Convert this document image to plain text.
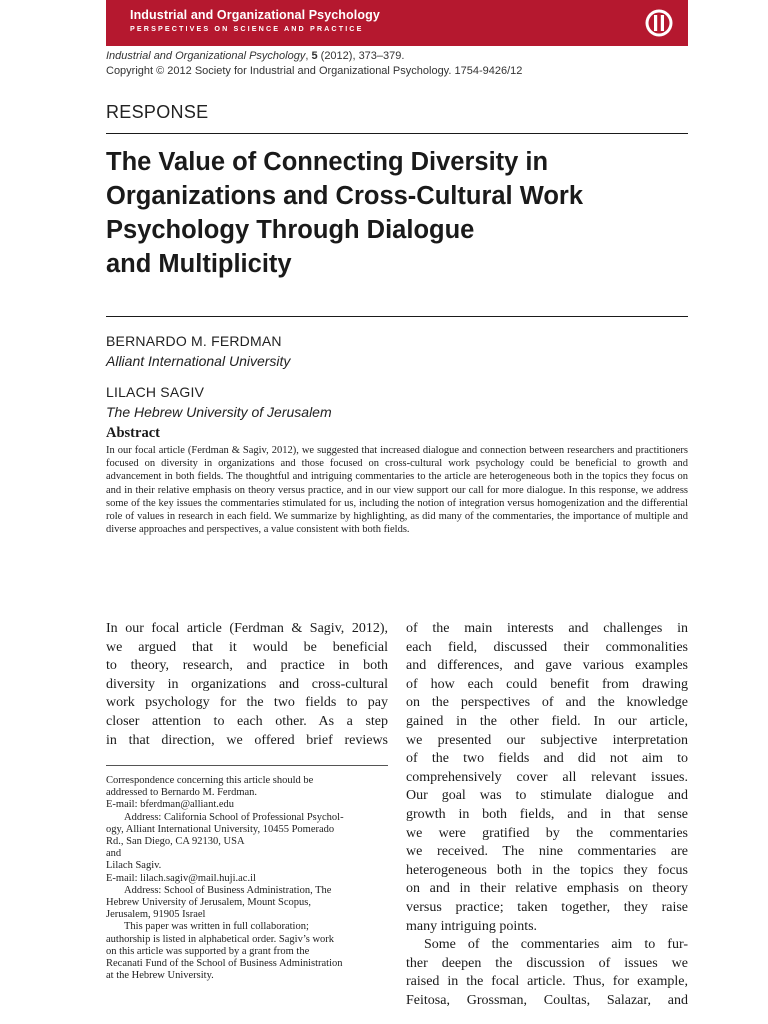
Industrial and Organizational Psychology
PERSPECTIVES ON SCIENCE AND PRACTICE
Industrial and Organizational Psychology, 5 (2012), 373–379.
Copyright © 2012 Society for Industrial and Organizational Psychology. 1754-9426/12
RESPONSE
The Value of Connecting Diversity in
Organizations and Cross-Cultural Work
Psychology Through Dialogue
and Multiplicity
BERNARDO M. FERDMAN
Alliant International University
LILACH SAGIV
The Hebrew University of Jerusalem
Abstract
In our focal article (Ferdman & Sagiv, 2012), we suggested that increased dialogue and connection between researchers and practitioners focused on diversity in organizations and those focused on cross-cultural work psychology could be beneficial to growth and advancement in both fields. The thoughtful and intriguing commentaries to the article are heterogeneous both in the topics they focus on and in their relative emphasis on theory versus practice, and in our view support our call for more dialogue. In this response, we address some of the key issues the commentaries stimulated for us, including the notion of integration versus homogenization and the differential role of values in research in each field. We summarize by highlighting, as did many of the commentaries, the importance of multiple and diverse approaches and perspectives, a value consistent with both fields.
In our focal article (Ferdman & Sagiv, 2012),
we argued that it would be beneficial
to theory, research, and practice in both
diversity in organizations and cross-cultural
work psychology for the two fields to pay
closer attention to each other. As a step
in that direction, we offered brief reviews
Correspondence concerning this article should be
addressed to Bernardo M. Ferdman.
E-mail: bferdman@alliant.edu
Address: California School of Professional Psychol-
ogy, Alliant International University, 10455 Pomerado
Rd., San Diego, CA 92130, USA
and
Lilach Sagiv.
E-mail: lilach.sagiv@mail.huji.ac.il
Address: School of Business Administration, The
Hebrew University of Jerusalem, Mount Scopus,
Jerusalem, 91905 Israel
This paper was written in full collaboration;
authorship is listed in alphabetical order. Sagiv’s work
on this article was supported by a grant from the
Recanati Fund of the School of Business Administration
at the Hebrew University.
of the main interests and challenges in
each field, discussed their commonalities
and differences, and gave various examples
of how each could benefit from drawing
on the perspectives of and the knowledge
gained in the other field. In our article,
we presented our subjective interpretation
of the two fields and did not aim to
comprehensively cover all relevant issues.
Our goal was to stimulate dialogue and
growth in both fields, and in that sense
we were gratified by the commentaries
we received. The nine commentaries are
heterogeneous both in the topics they focus
on and in their relative emphasis on theory
versus practice; taken together, they raise
many intriguing points.
Some of the commentaries aim to fur-
ther deepen the discussion of issues we
raised in the focal article. Thus, for example,
Feitosa, Grossman, Coultas, Salazar, and
